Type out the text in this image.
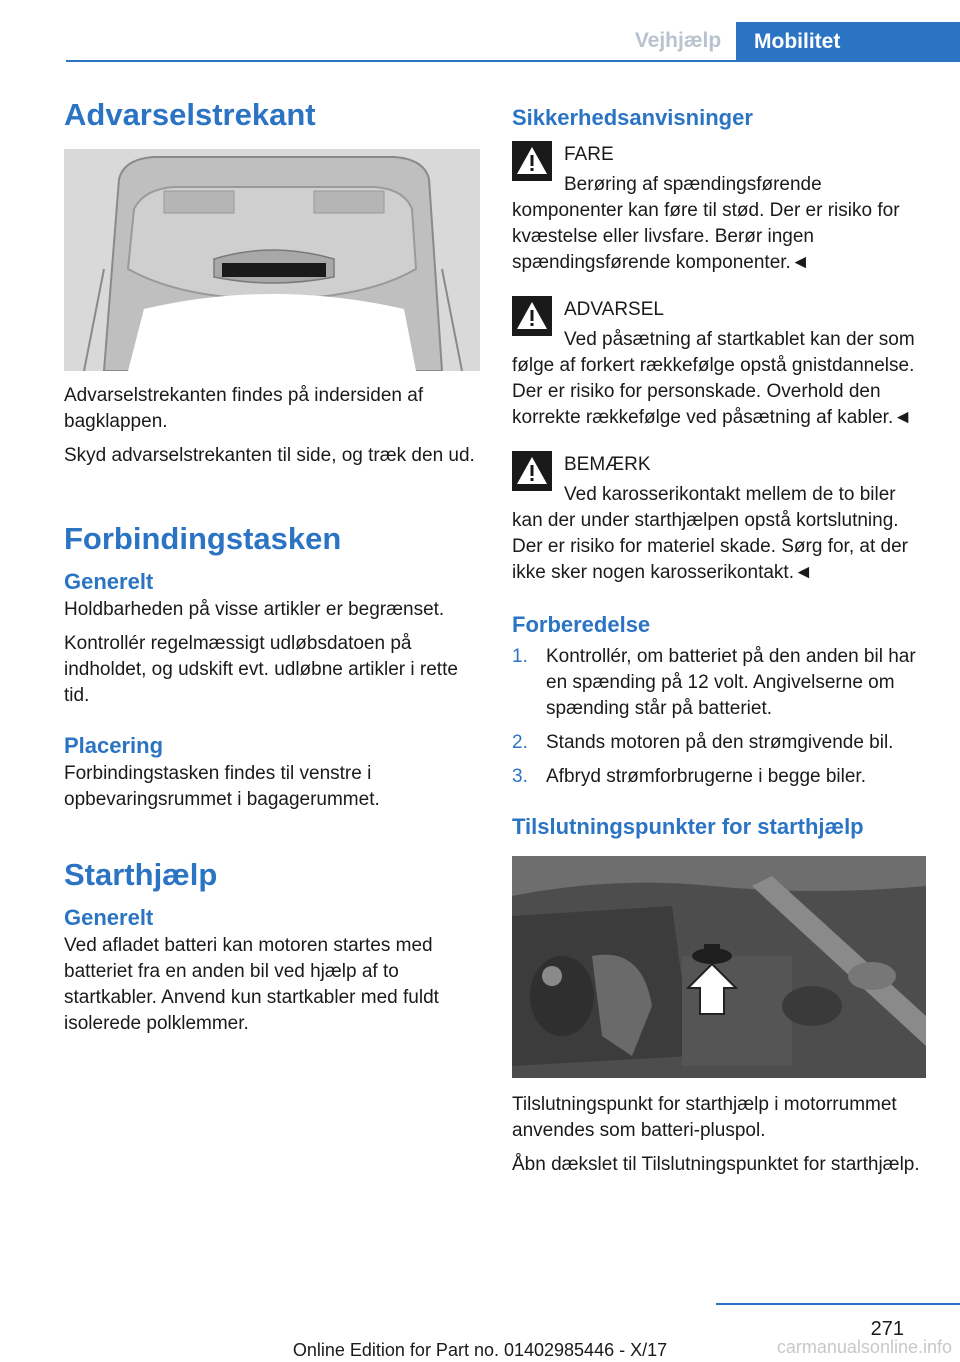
Vejhjælp	Mobilitet
Advarselstrekant

Advarselstrekanten findes på indersiden af bagklappen.

Skyd advarselstrekanten til side, og træk den ud.

Forbindingstasken
Generelt

Holdbarheden på visse artikler er begrænset.

Kontrollér regelmæssigt udløbsdatoen på indholdet, og udskift evt. udløbne artikler i rette tid.

Placering

Forbindingstasken findes til venstre i opbevaringsrummet i bagagerummet.

Starthjælp
Generelt

Ved afladet batteri kan motoren startes med batteriet fra en anden bil ved hjælp af to startkabler. Anvend kun startkabler med fuldt isolerede polklemmer.

Sikkerhedsanvisninger
FARE

Berøring af spændingsførende komponenter kan føre til stød. Der er risiko for kvæstelse eller livsfare. Berør ingen spændingsførende komponenter.◄

ADVARSEL

Ved påsætning af startkablet kan der som følge af forkert rækkefølge opstå gnistdannelse. Der er risiko for personskade. Overhold den korrekte rækkefølge ved påsætning af kabler.◄

BEMÆRK

Ved karosserikontakt mellem de to biler kan der under starthjælpen opstå kortslutning. Der er risiko for materiel skade. Sørg for, at der ikke sker nogen karosserikontakt.◄

Forberedelse
1. Kontrollér, om batteriet på den anden bil har en spænding på 12 volt. Angivelserne om spænding står på batteriet.
2. Stands motoren på den strømgivende bil.
3. Afbryd strømforbrugerne i begge biler.
Tilslutningspunkter for starthjælp

Tilslutningspunkt for starthjælp i motorrummet anvendes som batteri-pluspol.

Åbn dækslet til Tilslutningspunktet for starthjælp.

271
Online Edition for Part no. 01402985446 - X/17	carmanualsonline.info
